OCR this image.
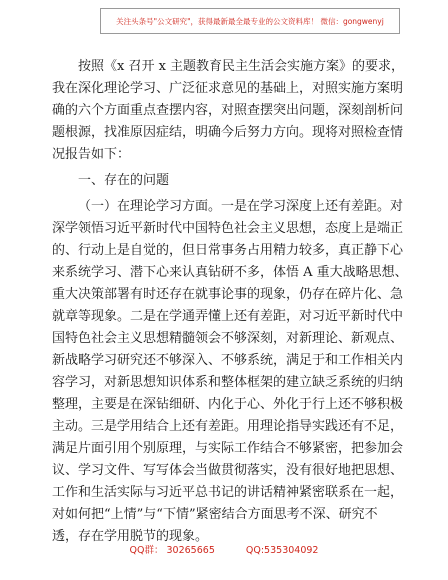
关注头条号"公文研究"，获得最新最全最专业的公文资料库！ 微信：gongwenyj
按照《x 召开 x 主题教育民主生活会实施方案》的要求，
我在深化理论学习、广泛征求意见的基础上，对照实施方案明
确的六个方面重点查摆内容，对照查摆突出问题，深刻剖析问
题根源，找准原因症结，明确今后努力方向。现将对照检查情
况报告如下：
一、存在的问题
（一）在理论学习方面。一是在学习深度上还有差距。对
深学领悟习近平新时代中国特色社会主义思想，态度上是端正
的、行动上是自觉的，但日常事务占用精力较多，真正静下心
来系统学习、潜下心来认真钻研不多，体悟 A 重大战略思想、
重大决策部署有时还存在就事论事的现象，仍存在碎片化、急
就章等现象。二是在学通弄懂上还有差距，对习近平新时代中
国特色社会主义思想精髓领会不够深刻，对新理论、新观点、
新战略学习研究还不够深入、不够系统，满足于和工作相关内
容学习，对新思想知识体系和整体框架的建立缺乏系统的归纳
整理，主要是在深钻细研、内化于心、外化于行上还不够积极
主动。三是学用结合上还有差距。用理论指导实践还有不足，
满足片面引用个别原理，与实际工作结合不够紧密，把参加会
议、学习文件、写写体会当做贯彻落实，没有很好地把思想、
工作和生活实际与习近平总书记的讲话精神紧密联系在一起，
对如何把“上情”与“下情”紧密结合方面思考不深、研究不
透，存在学用脱节的现象。
QQ群： 30265665	QQ:535304092
